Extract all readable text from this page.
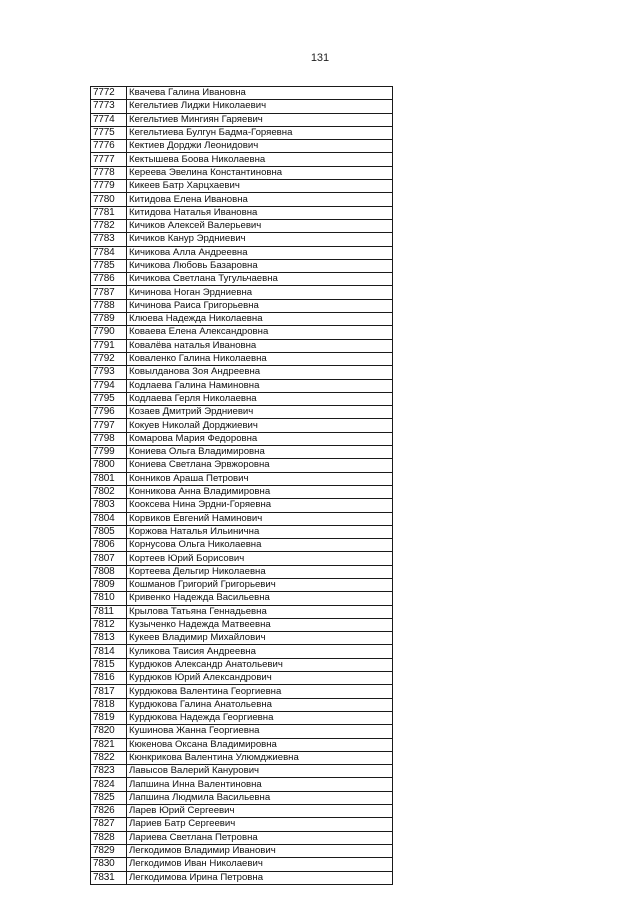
131
7772	Квачева Галина Ивановна
7773	Кегельтиев Лиджи Николаевич
7774	Кегельтиев Мингиян Гаряевич
7775	Кегельтиева Булгун Бадма-Горяевна
7776	Кектиев Дорджи Леонидович
7777	Кектышева Боова Николаевна
7778	Кереева Эвелина Константиновна
7779	Кикеев Батр Харцхаевич
7780	Китидова Елена Ивановна
7781	Китидова Наталья Ивановна
7782	Кичиков Алексей Валерьевич
7783	Кичиков Канур Эрдниевич
7784	Кичикова Алла Андреевна
7785	Кичикова Любовь Базаровна
7786	Кичикова Светлана Тугульчаевна
7787	Кичинова Ноган Эрдниевна
7788	Кичинова Раиса Григорьевна
7789	Клюева Надежда Николаевна
7790	Коваева Елена Александровна
7791	Ковалёва наталья Ивановна
7792	Коваленко Галина Николаевна
7793	Ковылданова Зоя Андреевна
7794	Кодлаева Галина Наминовна
7795	Кодлаева Герля Николаевна
7796	Козаев Дмитрий Эрдниевич
7797	Кокуев Николай Дорджиевич
7798	Комарова Мария Федоровна
7799	Кониева Ольга Владимировна
7800	Кониева Светлана Эрвжоровна
7801	Конников Араша Петрович
7802	Конникова Анна Владимировна
7803	Кооксева Нина Эрдни-Горяевна
7804	Корвиков Евгений Наминович
7805	Коржова Наталья Ильинична
7806	Корнусова Ольга Николаевна
7807	Кортеев Юрий Борисович
7808	Кортеева Дельгир Николаевна
7809	Кошманов Григорий Григорьевич
7810	Кривенко Надежда Васильевна
7811	Крылова Татьяна Геннадьевна
7812	Кузыченко Надежда Матвеевна
7813	Кукеев Владимир Михайлович
7814	Куликова Таисия Андреевна
7815	Курдюков Александр Анатольевич
7816	Курдюков Юрий Александрович
7817	Курдюкова Валентина Георгиевна
7818	Курдюкова Галина Анатольевна
7819	Курдюкова Надежда Георгиевна
7820	Кушинова Жанна Георгиевна
7821	Кюкенова Оксана Владимировна
7822	Кюнкрикова Валентина Улюмджиевна
7823	Лавысов Валерий Канурович
7824	Лапшина Инна Валентиновна
7825	Лапшина Людмила Васильевна
7826	Ларев Юрий Сергеевич
7827	Лариев Батр Сергеевич
7828	Лариева Светлана Петровна
7829	Легкодимов Владимир Иванович
7830	Легкодимов Иван Николаевич
7831	Легкодимова Ирина Петровна
